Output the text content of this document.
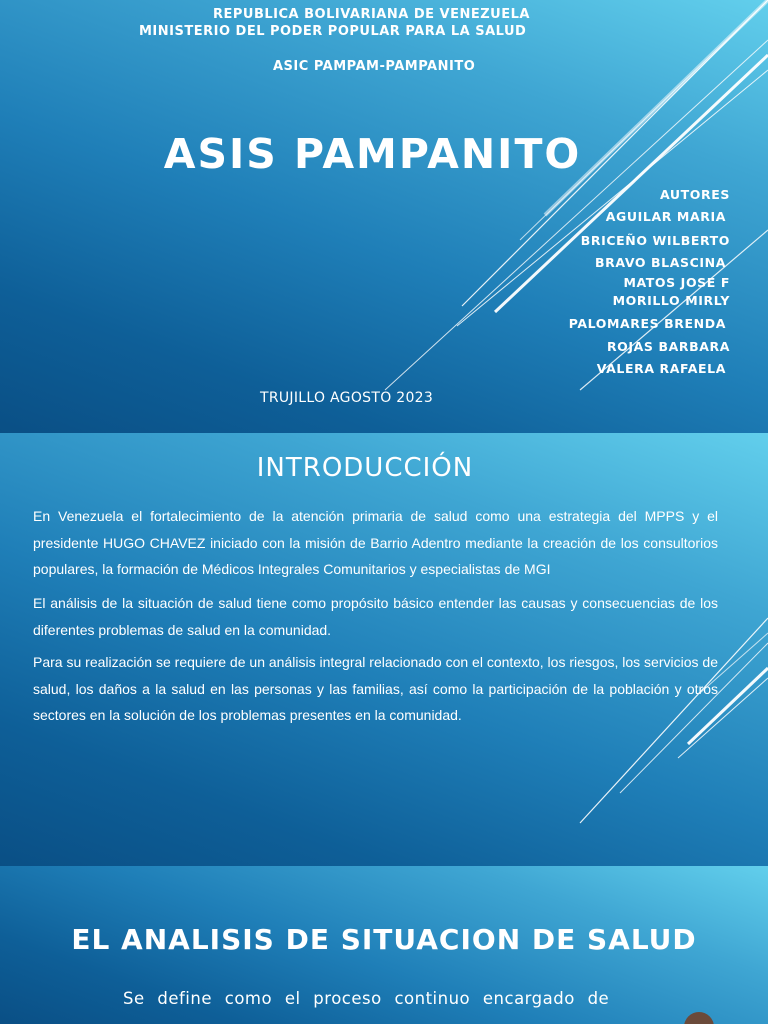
REPUBLICA BOLIVARIANA DE VENEZUELA
MINISTERIO DEL PODER POPULAR PARA LA SALUD
ASIC PAMPAM-PAMPANITO
ASIS PAMPANITO
AUTORES
AGUILAR MARIA
BRICEÑO WILBERTO
BRAVO BLASCINA
MATOS JOSE F
MORILLO MIRLY
PALOMARES BRENDA
ROJAS BARBARA
VALERA RAFAELA
TRUJILLO AGOSTO 2023
INTRODUCCIÓN

En Venezuela el fortalecimiento de la atención primaria de salud como una estrategia del MPPS y el presidente HUGO CHAVEZ iniciado con la misión de Barrio Adentro mediante la creación de los consultorios populares, la formación de Médicos Integrales Comunitarios y especialistas de MGI

El análisis de la situación de salud tiene como propósito básico entender las causas y consecuencias de los diferentes problemas de salud en la comunidad.

Para su realización se requiere de un análisis integral relacionado con el contexto, los riesgos, los servicios de salud, los daños a la salud en las personas y las familias, así como la participación de la población y otros sectores en la solución de los problemas presentes en la comunidad.

EL ANALISIS DE SITUACION DE SALUD
Se define como el proceso continuo encargado de
